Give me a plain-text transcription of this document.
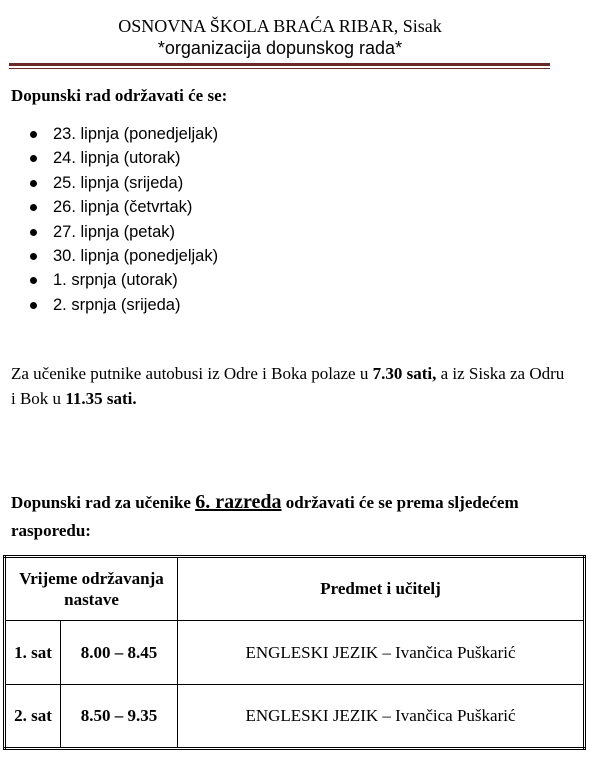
OSNOVNA ŠKOLA BRAĆA RIBAR, Sisak
*organizacija dopunskog rada*
Dopunski rad održavati će se:
23. lipnja (ponedjeljak)
24. lipnja (utorak)
25. lipnja (srijeda)
26. lipnja (četvrtak)
27. lipnja (petak)
30. lipnja (ponedjeljak)
1. srpnja (utorak)
2. srpnja (srijeda)
Za učenike putnike autobusi iz Odre i Boka polaze u 7.30 sati, a iz Siska za Odru i Bok u 11.35 sati.
Dopunski rad za učenike 6. razreda održavati će se prema sljedećem rasporedu:
Vrijeme održavanja nastave		Predmet i učitelj
1. sat	8.00 – 8.45	ENGLESKI JEZIK – Ivančica Puškarić
2. sat	8.50 – 9.35	ENGLESKI JEZIK – Ivančica Puškarić
